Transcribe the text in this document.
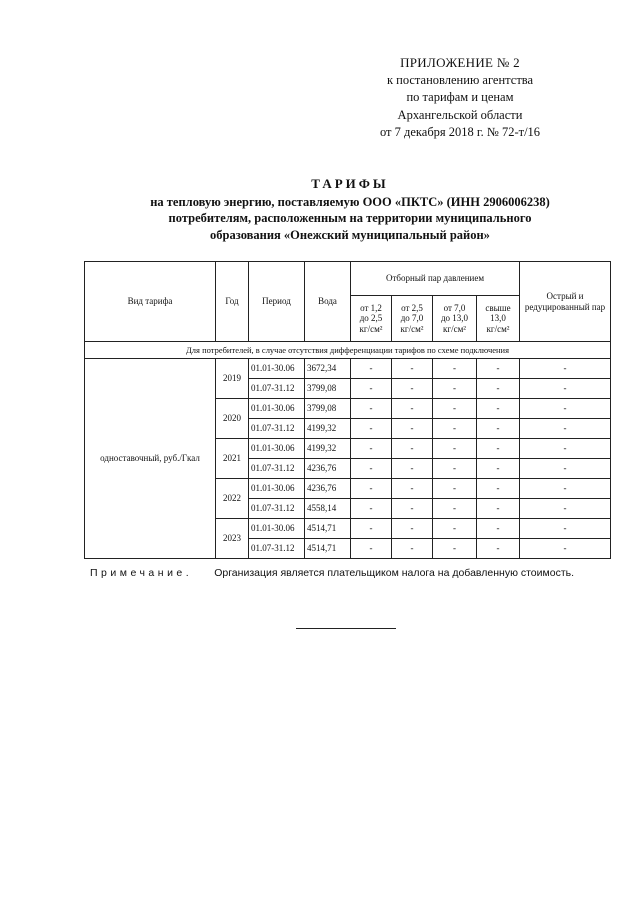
ПРИЛОЖЕНИЕ № 2
к постановлению агентства
по тарифам и ценам
Архангельской области
от 7 декабря 2018 г. № 72-т/16
ТАРИФЫ
на тепловую энергию, поставляемую ООО «ПКТС» (ИНН 2906006238)
потребителям, расположенным на территории муниципального
образования «Онежский муниципальный район»
Вид тарифа	Год	Период	Вода	Отборный пар давлением				Острый и редуцированный пар

				от 1,2
до 2,5
кг/см²	от 2,5
до 7,0
кг/см²	от 7,0
до 13,0
кг/см²	свыше
13,0
кг/см²	

Для потребителей, в случае отсутствия дифференциации тарифов по схеме подключения								
одноставочный, руб./Гкал	2019	01.01-30.06	3672,34	-	-	-	-	-
		01.07-31.12	3799,08	-	-	-	-	-
	2020	01.01-30.06	3799,08	-	-	-	-	-
		01.07-31.12	4199,32	-	-	-	-	-
	2021	01.01-30.06	4199,32	-	-	-	-	-
		01.07-31.12	4236,76	-	-	-	-	-
	2022	01.01-30.06	4236,76	-	-	-	-	-
		01.07-31.12	4558,14	-	-	-	-	-
	2023	01.01-30.06	4514,71	-	-	-	-	-
		01.07-31.12	4514,71	-	-	-	-	-
Примечание. Организация является плательщиком налога на добавленную стоимость.
